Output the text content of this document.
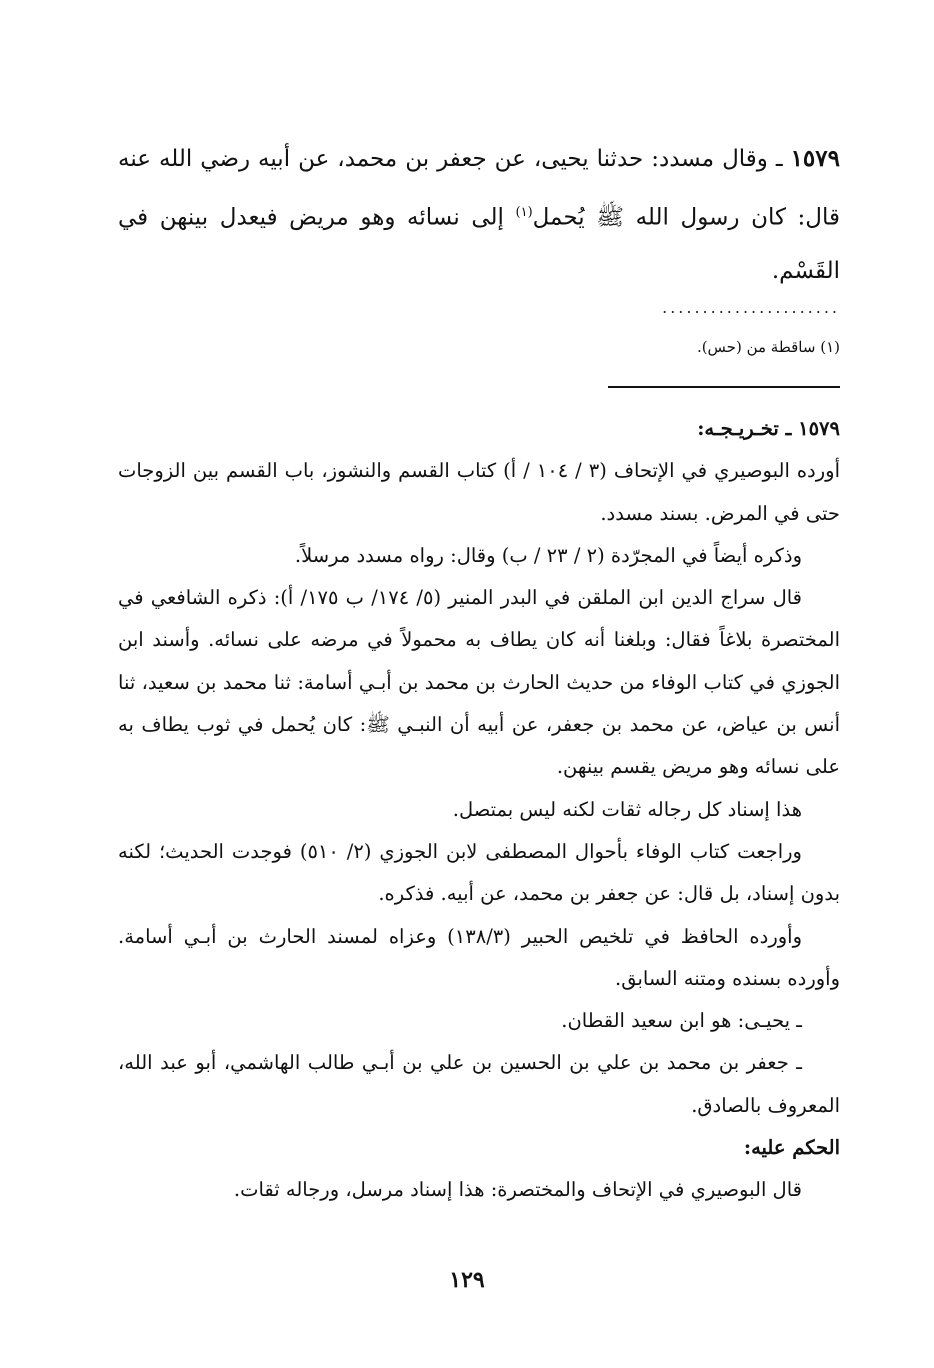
١٥٧٩ ـ وقال مسدد: حدثنا يحيى، عن جعفر بن محمد، عن أبيه رضي الله عنه قال: كان رسول الله ﷺ يُحمل$^{(١)}$ إلى نسائه وهو مريض فيعدل بينهن في القَسْم.

......................
(١) ساقطة من (حس).

١٥٧٩ ـ تخـريـجـه:

أورده البوصيري في الإتحاف (٣ / ١٠٤ / أ) كتاب القسم والنشوز، باب القسم بين الزوجات حتى في المرض. بسند مسدد.

وذكره أيضاً في المجرّدة (٢ / ٢٣ / ب) وقال: رواه مسدد مرسلاً.

قال سراج الدين ابن الملقن في البدر المنير (٥/ ١٧٤/ ب ١٧٥/ أ): ذكره الشافعي في المختصرة بلاغاً فقال: وبلغنا أنه كان يطاف به محمولاً في مرضه على نسائه. وأسند ابن الجوزي في كتاب الوفاء من حديث الحارث بن محمد بن أبـي أسامة: ثنا محمد بن سعيد، ثنا أنس بن عياض، عن محمد بن جعفر، عن أبيه أن النبـي ﷺ: كان يُحمل في ثوب يطاف به على نسائه وهو مريض يقسم بينهن.

هذا إسناد كل رجاله ثقات لكنه ليس بمتصل.

وراجعت كتاب الوفاء بأحوال المصطفى لابن الجوزي (٢/ ٥١٠) فوجدت الحديث؛ لكنه بدون إسناد، بل قال: عن جعفر بن محمد، عن أبيه. فذكره.

وأورده الحافظ في تلخيص الحبير (١٣٨/٣) وعزاه لمسند الحارث بن أبـي أسامة. وأورده بسنده ومتنه السابق.

ـ يحيـى: هو ابن سعيد القطان.

ـ جعفر بن محمد بن علي بن الحسين بن علي بن أبـي طالب الهاشمي، أبو عبد الله، المعروف بالصادق.

الحكم عليه:

قال البوصيري في الإتحاف والمختصرة: هذا إسناد مرسل، ورجاله ثقات.

١٢٩
